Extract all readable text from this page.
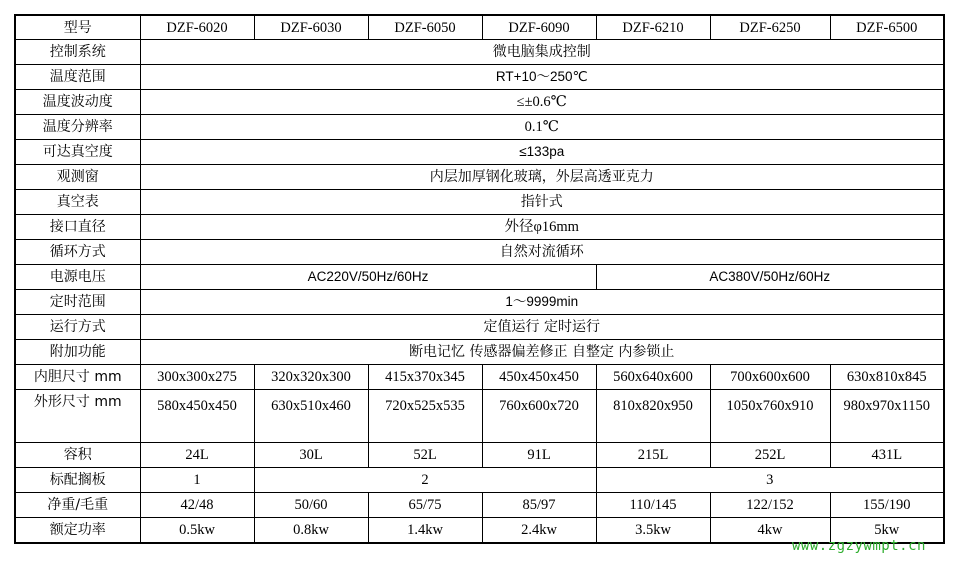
型号	DZF-6020	DZF-6030	DZF-6050	DZF-6090	DZF-6210	DZF-6250	DZF-6500
控制系统	微电脑集成控制						
温度范围	RT+10～250℃						
温度波动度	≤±0.6℃						
温度分辨率	0.1℃						
可达真空度	≤133pa						
观测窗	内层加厚钢化玻璃，外层高透亚克力						
真空表	指针式						
接口直径	外径φ16mm						
循环方式	自然对流循环						
电源电压	AC220V/50Hz/60Hz				AC380V/50Hz/60Hz		
定时范围	1～9999min						
运行方式	定值运行 定时运行						
附加功能	断电记忆 传感器偏差修正 自整定 内参锁止						
内胆尺寸 mm	300x300x275	320x320x300	415x370x345	450x450x450	560x640x600	700x600x600	630x810x845
外形尺寸 mm	580x450x450	630x510x460	720x525x535	760x600x720	810x820x950	1050x760x910	980x970x1150
容积	24L	30L	52L	91L	215L	252L	431L
标配搁板	1	2			3		
净重/毛重	42/48	50/60	65/75	85/97	110/145	122/152	155/190
额定功率	0.5kw	0.8kw	1.4kw	2.4kw	3.5kw	4kw	5kw
www.zgzywmpt.cn
